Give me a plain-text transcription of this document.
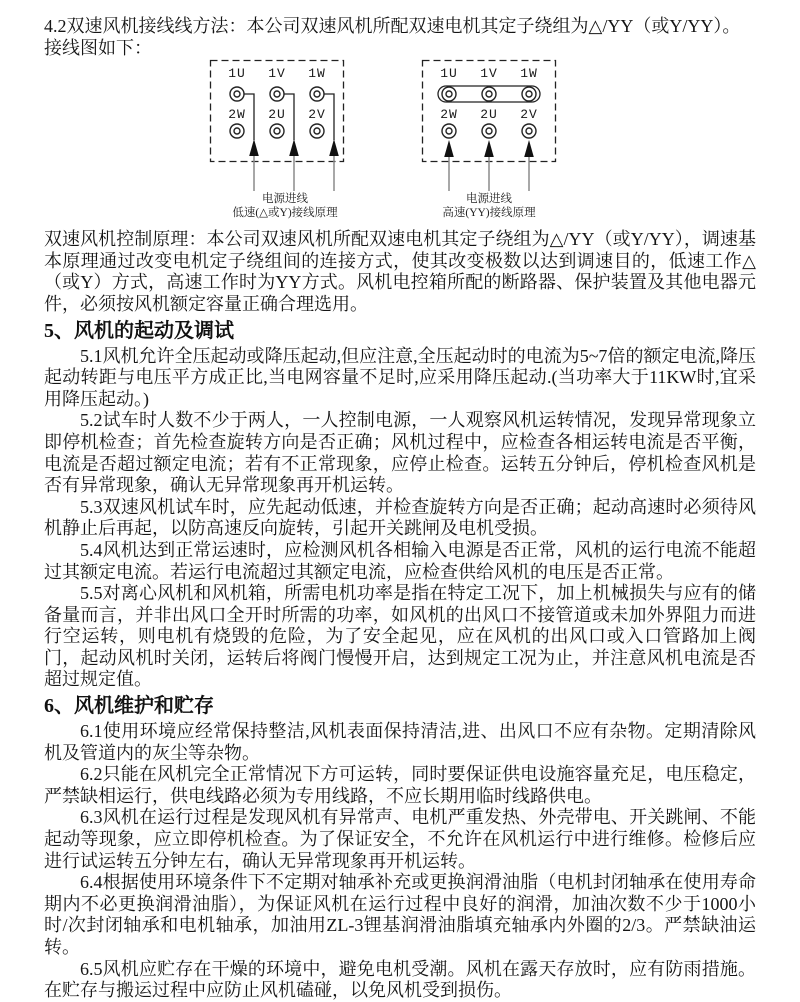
4.2双速风机接线线方法：本公司双速风机所配双速电机其定子绕组为△/YY（或Y/YY）。
接线图如下：

1U	1V	1W
2W	2U	2V
电源进线
低速(△或Y)接线原理
1U	1V	1W
2W	2U	2V
电源进线
高速(YY)接线原理

双速风机控制原理：本公司双速风机所配双速电机其定子绕组为△/YY（或Y/YY），调速基本原理通过改变电机定子绕组间的连接方式，使其改变极数以达到调速目的，低速工作△（或Y）方式，高速工作时为YY方式。风机电控箱所配的断路器、保护装置及其他电器元件，必须按风机额定容量正确合理选用。

5、风机的起动及调试

5.1风机允许全压起动或降压起动,但应注意,全压起动时的电流为5~7倍的额定电流,降压起动转距与电压平方成正比,当电网容量不足时,应采用降压起动.(当功率大于11KW时,宜采用降压起动。)

5.2试车时人数不少于两人，一人控制电源，一人观察风机运转情况，发现异常现象立即停机检查；首先检查旋转方向是否正确；风机过程中，应检查各相运转电流是否平衡，电流是否超过额定电流；若有不正常现象，应停止检查。运转五分钟后，停机检查风机是否有异常现象，确认无异常现象再开机运转。

5.3双速风机试车时，应先起动低速，并检查旋转方向是否正确；起动高速时必须待风机静止后再起，以防高速反向旋转，引起开关跳闸及电机受损。

5.4风机达到正常运速时，应检测风机各相输入电源是否正常，风机的运行电流不能超过其额定电流。若运行电流超过其额定电流，应检查供给风机的电压是否正常。

5.5对离心风机和风机箱，所需电机功率是指在特定工况下，加上机械损失与应有的储备量而言，并非出风口全开时所需的功率，如风机的出风口不接管道或未加外界阻力而进行空运转，则电机有烧毁的危险，为了安全起见，应在风机的出风口或入口管路加上阀门，起动风机时关闭，运转后将阀门慢慢开启，达到规定工况为止，并注意风机电流是否超过规定值。

6、风机维护和贮存

6.1使用环境应经常保持整洁,风机表面保持清洁,进、出风口不应有杂物。定期清除风机及管道内的灰尘等杂物。

6.2只能在风机完全正常情况下方可运转，同时要保证供电设施容量充足，电压稳定，严禁缺相运行，供电线路必须为专用线路，不应长期用临时线路供电。

6.3风机在运行过程是发现风机有异常声、电机严重发热、外壳带电、开关跳闸、不能起动等现象，应立即停机检查。为了保证安全，不允许在风机运行中进行维修。检修后应进行试运转五分钟左右，确认无异常现象再开机运转。

6.4根据使用环境条件下不定期对轴承补充或更换润滑油脂（电机封闭轴承在使用寿命期内不必更换润滑油脂），为保证风机在运行过程中良好的润滑，加油次数不少于1000小时/次封闭轴承和电机轴承，加油用ZL-3锂基润滑油脂填充轴承内外圈的2/3。严禁缺油运转。

6.5风机应贮存在干燥的环境中，避免电机受潮。风机在露天存放时，应有防雨措施。在贮存与搬运过程中应防止风机磕碰，以免风机受到损伤。
